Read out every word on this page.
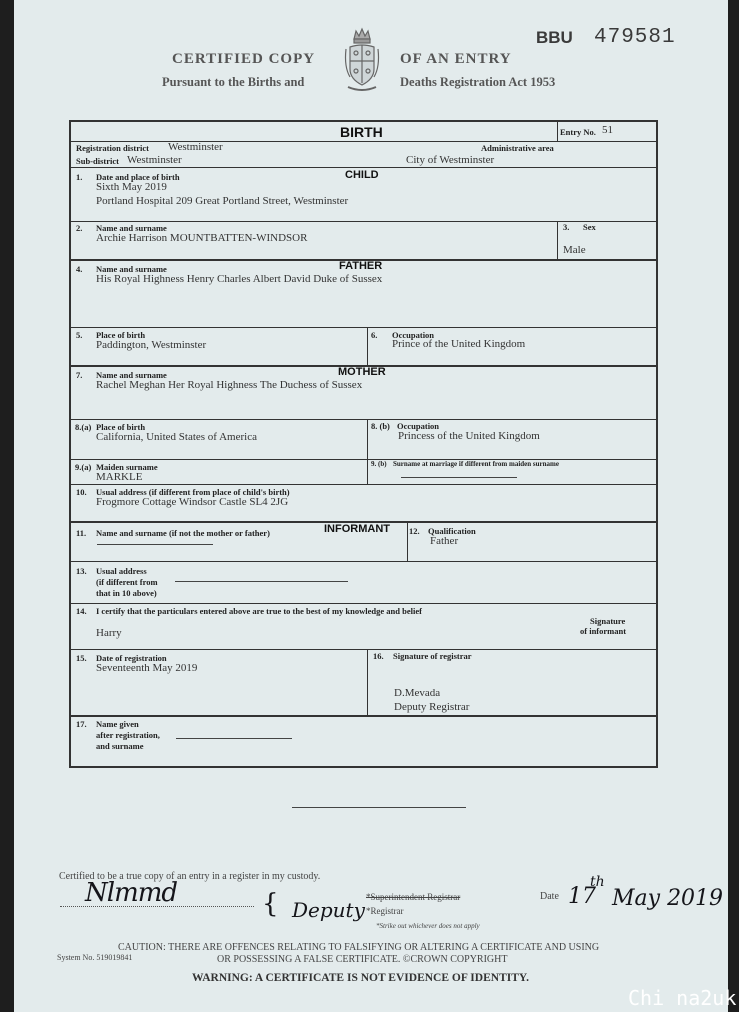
CERTIFIED COPY	OF AN ENTRY
Pursuant to the Births and	Deaths Registration Act 1953
BBU 479581
BIRTH	Entry No. 51
Registration district Westminster	Administrative area
Sub-district Westminster	City of Westminster
CHILD
1. Date and place of birth
Sixth May 2019
Portland Hospital 209 Great Portland Street, Westminster
2. Name and surname
Archie Harrison MOUNTBATTEN-WINDSOR
3. Sex
Male
FATHER
4. Name and surname
His Royal Highness Henry Charles Albert David Duke of Sussex
5. Place of birth
Paddington, Westminster
6. Occupation
Prince of the United Kingdom
MOTHER
7. Name and surname
Rachel Meghan Her Royal Highness The Duchess of Sussex
8.(a) Place of birth
California, United States of America
8. (b) Occupation
Princess of the United Kingdom
9.(a) Maiden surname
MARKLE
9. (b) Surname at marriage if different from maiden surname
10. Usual address (if different from place of child's birth)
Frogmore Cottage Windsor Castle SL4 2JG
INFORMANT
11. Name and surname (if not the mother or father)	12. Qualification
Father
13. Usual address
(if different from
that in 10 above)
14. I certify that the particulars entered above are true to the best of my knowledge and belief
Harry
Signature
of informant
15. Date of registration
Seventeenth May 2019
16. Signature of registrar
D.Mevada
Deputy Registrar
17. Name given
after registration,
and surname
Certified to be a true copy of an entry in a register in my custody.
Nlmmd	{ Deputy
*Superintendent Registrar
*Registrar
*Strike out whichever does not apply
Date 17
th
May 2019
System No. 519019841
CAUTION: THERE ARE OFFENCES RELATING TO FALSIFYING OR ALTERING A CERTIFICATE AND USING
OR POSSESSING A FALSE CERTIFICATE. ©CROWN COPYRIGHT
WARNING: A CERTIFICATE IS NOT EVIDENCE OF IDENTITY.
Chi na2uk
